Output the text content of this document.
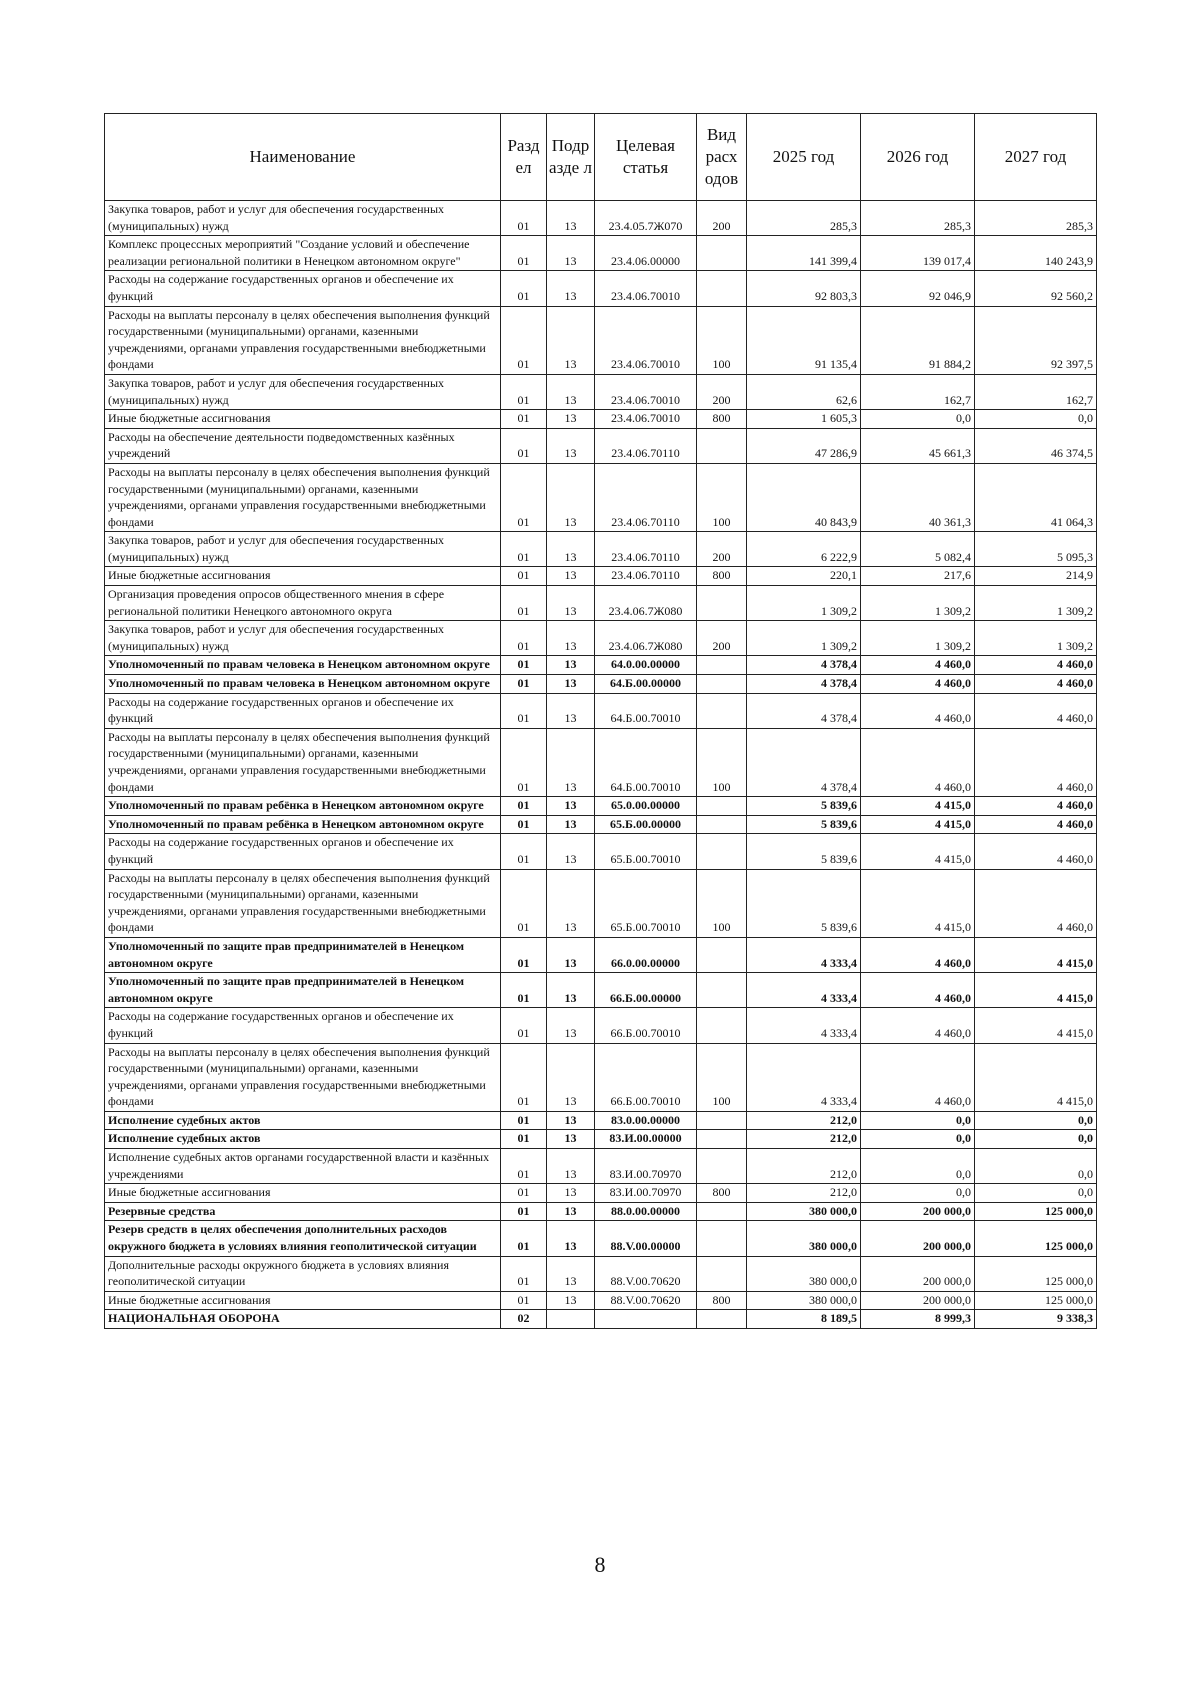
Наименование	Разд ел	Подр азде л	Целевая статья	Вид расх одов	2025 год	2026 год	2027 год
Закупка товаров, работ и услуг для обеспечения государственных (муниципальных) нужд	01	13	23.4.05.7Ж070	200	285,3	285,3	285,3
Комплекс процессных мероприятий "Создание условий и обеспечение реализации региональной политики в Ненецком автономном округе"	01	13	23.4.06.00000		141 399,4	139 017,4	140 243,9
Расходы на содержание государственных органов и обеспечение их функций	01	13	23.4.06.70010		92 803,3	92 046,9	92 560,2
Расходы на выплаты персоналу в целях обеспечения выполнения функций государственными (муниципальными) органами, казенными учреждениями, органами управления государственными внебюджетными фондами	01	13	23.4.06.70010	100	91 135,4	91 884,2	92 397,5
Закупка товаров, работ и услуг для обеспечения государственных (муниципальных) нужд	01	13	23.4.06.70010	200	62,6	162,7	162,7
Иные бюджетные ассигнования	01	13	23.4.06.70010	800	1 605,3	0,0	0,0
Расходы на обеспечение деятельности подведомственных казённых учреждений	01	13	23.4.06.70110		47 286,9	45 661,3	46 374,5
Расходы на выплаты персоналу в целях обеспечения выполнения функций государственными (муниципальными) органами, казенными учреждениями, органами управления государственными внебюджетными фондами	01	13	23.4.06.70110	100	40 843,9	40 361,3	41 064,3
Закупка товаров, работ и услуг для обеспечения государственных (муниципальных) нужд	01	13	23.4.06.70110	200	6 222,9	5 082,4	5 095,3
Иные бюджетные ассигнования	01	13	23.4.06.70110	800	220,1	217,6	214,9
Организация проведения опросов общественного мнения в сфере региональной политики Ненецкого автономного округа	01	13	23.4.06.7Ж080		1 309,2	1 309,2	1 309,2
Закупка товаров, работ и услуг для обеспечения государственных (муниципальных) нужд	01	13	23.4.06.7Ж080	200	1 309,2	1 309,2	1 309,2
Уполномоченный по правам человека в Ненецком автономном округе	01	13	64.0.00.00000		4 378,4	4 460,0	4 460,0
Уполномоченный по правам человека в Ненецком автономном округе	01	13	64.Б.00.00000		4 378,4	4 460,0	4 460,0
Расходы на содержание государственных органов и обеспечение их функций	01	13	64.Б.00.70010		4 378,4	4 460,0	4 460,0
Расходы на выплаты персоналу в целях обеспечения выполнения функций государственными (муниципальными) органами, казенными учреждениями, органами управления государственными внебюджетными фондами	01	13	64.Б.00.70010	100	4 378,4	4 460,0	4 460,0
Уполномоченный по правам ребёнка в Ненецком автономном округе	01	13	65.0.00.00000		5 839,6	4 415,0	4 460,0
Уполномоченный по правам ребёнка в Ненецком автономном округе	01	13	65.Б.00.00000		5 839,6	4 415,0	4 460,0
Расходы на содержание государственных органов и обеспечение их функций	01	13	65.Б.00.70010		5 839,6	4 415,0	4 460,0
Расходы на выплаты персоналу в целях обеспечения выполнения функций государственными (муниципальными) органами, казенными учреждениями, органами управления государственными внебюджетными фондами	01	13	65.Б.00.70010	100	5 839,6	4 415,0	4 460,0
Уполномоченный по защите прав предпринимателей в Ненецком автономном округе	01	13	66.0.00.00000		4 333,4	4 460,0	4 415,0
Уполномоченный по защите прав предпринимателей в Ненецком автономном округе	01	13	66.Б.00.00000		4 333,4	4 460,0	4 415,0
Расходы на содержание государственных органов и обеспечение их функций	01	13	66.Б.00.70010		4 333,4	4 460,0	4 415,0
Расходы на выплаты персоналу в целях обеспечения выполнения функций государственными (муниципальными) органами, казенными учреждениями, органами управления государственными внебюджетными фондами	01	13	66.Б.00.70010	100	4 333,4	4 460,0	4 415,0
Исполнение судебных актов	01	13	83.0.00.00000		212,0	0,0	0,0
Исполнение судебных актов	01	13	83.И.00.00000		212,0	0,0	0,0
Исполнение судебных актов органами государственной власти и казённых учреждениями	01	13	83.И.00.70970		212,0	0,0	0,0
Иные бюджетные ассигнования	01	13	83.И.00.70970	800	212,0	0,0	0,0
Резервные средства	01	13	88.0.00.00000		380 000,0	200 000,0	125 000,0
Резерв средств в целях обеспечения дополнительных расходов окружного бюджета в условиях влияния геополитической ситуации	01	13	88.V.00.00000		380 000,0	200 000,0	125 000,0
Дополнительные расходы окружного бюджета в условиях влияния геополитической ситуации	01	13	88.V.00.70620		380 000,0	200 000,0	125 000,0
Иные бюджетные ассигнования	01	13	88.V.00.70620	800	380 000,0	200 000,0	125 000,0
НАЦИОНАЛЬНАЯ ОБОРОНА	02				8 189,5	8 999,3	9 338,3
8
